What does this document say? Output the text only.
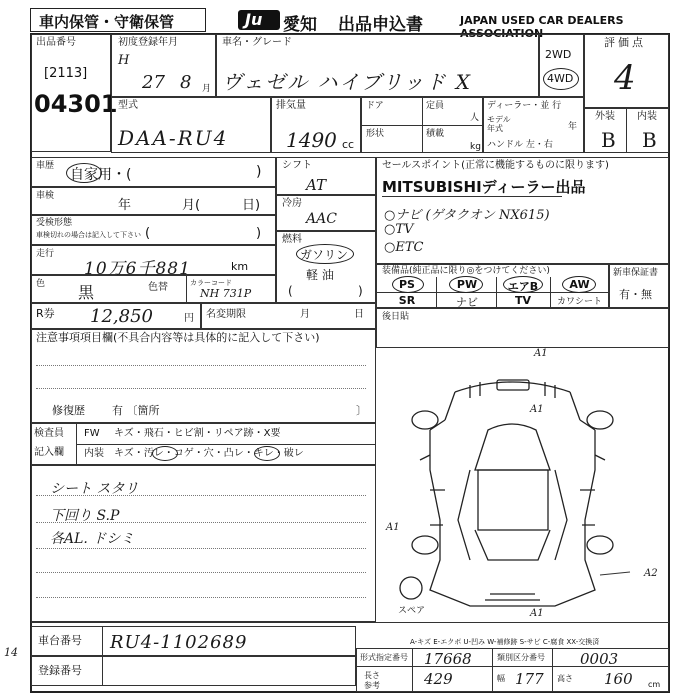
車内保管・守衛保管	Ju 愛知 出品申込書	JAPAN USED CAR DEALERS ASSOCIATION
出品番号
[2113]
04301
初度登録年月
H
27 8 月
車名・グレード
ヴェゼル ハイブリッド X
2WD
4WD
評価点
4
外装 内装
B B
型式
DAA-RU4
排気量
1490 cc
ドア	定員
人
形状	積載
kg
ディーラー・並 行
モデル年式	年
ハンドル 左・右
車歴
自家用・(	)
車検
年	月(	日)
受検形態
車検切れの場合は記入して下さい (	)
走行
10万6千881	km
色 黒	色替	カラーコード
NH 731P
シフト
AT
冷房
AAC
燃料
ガソリン
軽 油
(	)
セールスポイント(正常に機能するものに限ります)
MITSUBISHIディーラー出品
○ナビ (ゲタクオン NX615)
○TV
○ETC
装備品(純正品に限り◎をつけてください)
PS	PW	エアB	AW
SR	ナビ	TV	カワシート
新車保証書
有・無
R券 12,850	円 名変期限	月	日 後日貼
注意事項項目欄(不具合内容等は具体的に記入して下さい)
修復歴 有 〔箇所	〕
検査員
記入欄
FW キズ・飛石・ヒビ割・リペア跡・X要
内装 キズ・汚レ・コゲ・穴・凸レ・キレ・破レ
シート スタリ
下回り S.P
各AL. ドシミ
A1
A1
A1
A1
A2
スペア
A-キズ E-エクボ U-凹み W-補修跡 S-サビ C-腐食 XX-交換済
車台番号 RU4-1102689
登録番号
形式指定番号 17668	類別区分番号 0003
長さ
参考	429	幅 177 高さ 160 cm
14
